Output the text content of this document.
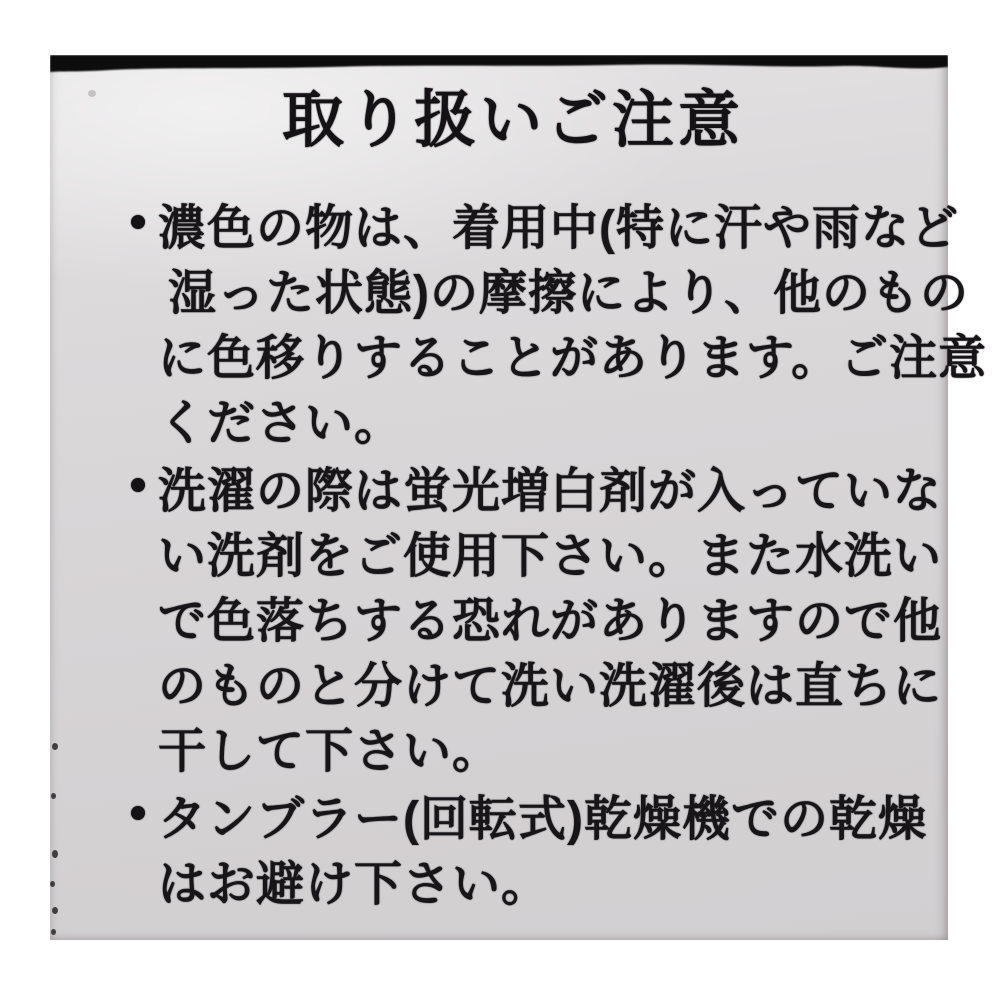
取り扱いご注意
濃色の物は、着用中(特に汗や雨など
湿った状態)の摩擦により、他のもの
に色移りすることがあります。ご注意
ください。
洗濯の際は蛍光増白剤が入っていな
い洗剤をご使用下さい。また水洗い
で色落ちする恐れがありますので他
のものと分けて洗い洗濯後は直ちに
干して下さい。
タンブラー(回転式)乾燥機での乾燥
はお避け下さい。
